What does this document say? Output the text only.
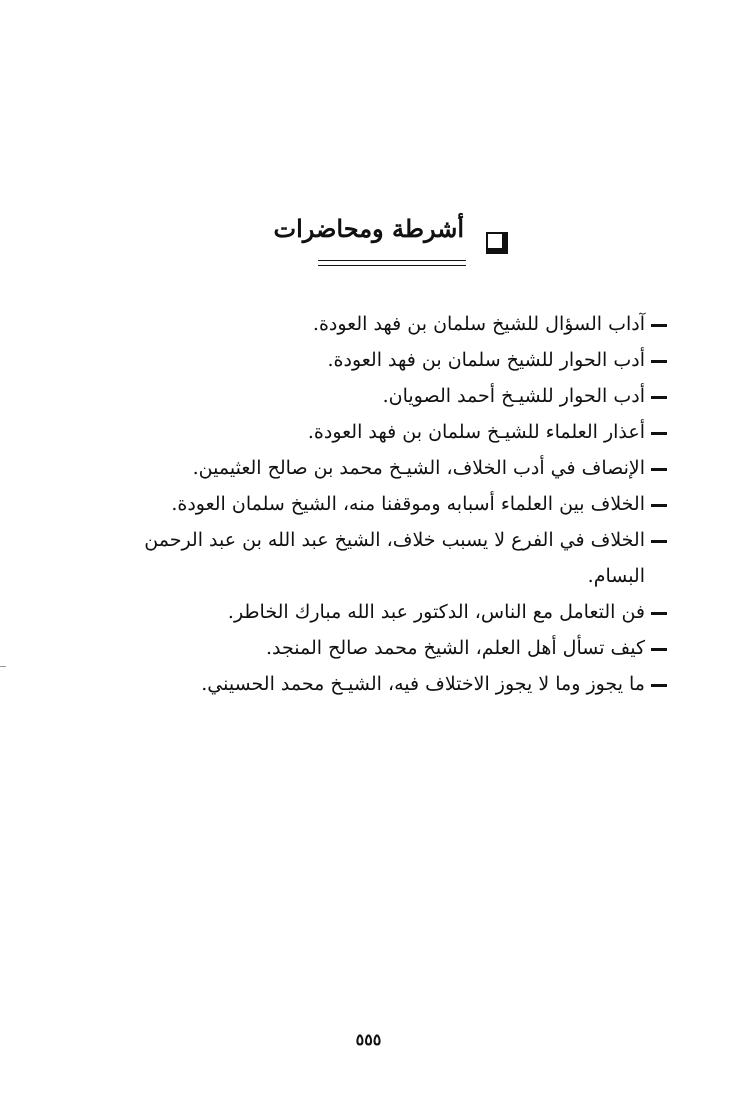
أشرطة ومحاضرات
آداب السؤال للشيخ سلمان بن فهد العودة.
أدب الحوار للشيخ سلمان بن فهد العودة.
أدب الحوار للشيـخ أحمد الصويان.
أعذار العلماء للشيـخ سلمان بن فهد العودة.
الإنصاف في أدب الخلاف، الشيـخ محمد بن صالح العثيمين.
الخلاف بين العلماء أسبابه وموقفنا منه، الشيخ سلمان العودة.
الخلاف في الفرع لا يسبب خلاف، الشيخ عبد الله بن عبد الرحمن
البسام.
فن التعامل مع الناس، الدكتور عبد الله مبارك الخاطر.
كيف تسأل أهل العلم، الشيخ محمد صالح المنجد.
ما يجوز وما لا يجوز الاختلاف فيه، الشيـخ محمد الحسيني.
٥٥٥
